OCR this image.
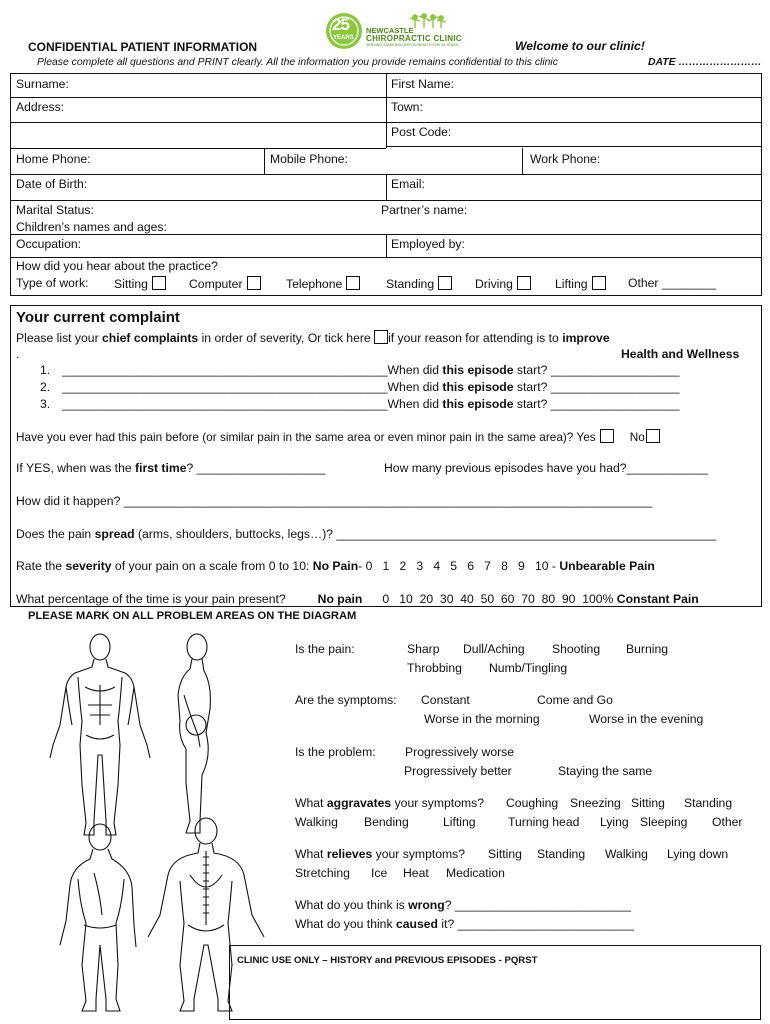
CONFIDENTIAL PATIENT INFORMATION
25
YEARS
NEWCASTLE
CHIROPRACTIC CLINIC
SERVING STAKEHOLDERS IN HEALTH FOR 25 YEARS	Welcome to our clinic!
Please complete all questions and PRINT clearly. All the information you provide remains confidential to this clinic	DATE ……………………
Surname:	First Name:
Address:	Town:
Post Code:
Home Phone:	Mobile Phone:	Work Phone:
Date of Birth:	Email:
Marital Status:	Partner’s name:
Children’s names and ages:
Occupation:	Employed by:
How did you hear about the practice?
Type of work: Sitting	Computer	Telephone	Standing	Driving	Lifting	Other ________
Your current complaint
Please list your chief complaints in order of severity, Or tick here if your reason for attending is to improve
.	Health and Wellness
1. ________________________________________________When did this episode start? ___________________
2. ________________________________________________When did this episode start? ___________________
3. ________________________________________________When did this episode start? ___________________
Have you ever had this pain before (or similar pain in the same area or even minor pain in the same area)? Yes	No
If YES, when was the first time? ___________________	How many previous episodes have you had?____________
How did it happen? ______________________________________________________________________________
Does the pain spread (arms, shoulders, buttocks, legs…)? ________________________________________________________
Rate the severity of your pain on a scale from 0 to 10: No Pain- 0   1   2   3   4   5   6   7   8   9   10 - Unbearable Pain
What percentage of the time is your pain present?	No pain 0   10  20  30  40  50  60  70  80  90  100% Constant Pain
PLEASE MARK ON ALL PROBLEM AREAS ON THE DIAGRAM
Is the pain:	Sharp Dull/Aching Shooting Burning
Throbbing Numb/Tingling
Are the symptoms: Constant	Come and Go
Worse in the morning	Worse in the evening
Is the problem: Progressively worse
Progressively better	Staying the same
What aggravates your symptoms? Coughing Sneezing Sitting Standing
Walking Bending	Lifting	Turning head Lying Sleeping Other
What relieves your symptoms? Sitting Standing Walking Lying down
Stretching Ice Heat Medication
What do you think is wrong? __________________________
What do you think caused it? __________________________
CLINIC USE ONLY – HISTORY and PREVIOUS EPISODES - PQRST
